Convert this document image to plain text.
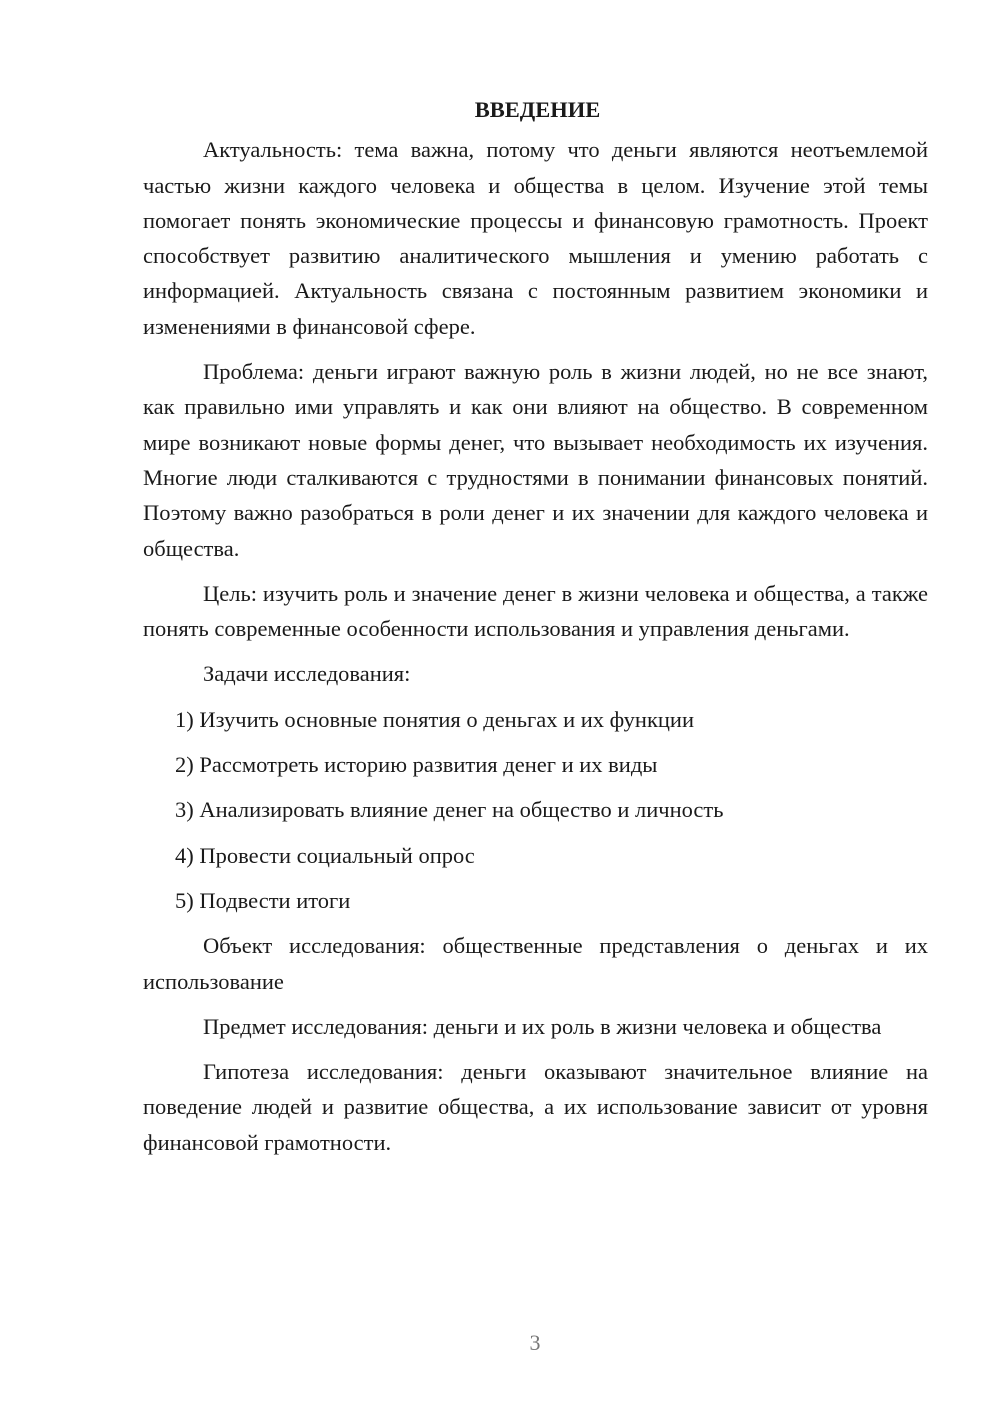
ВВЕДЕНИЕ

Актуальность: тема важна, потому что деньги являются неотъемлемой частью жизни каждого человека и общества в целом. Изучение этой темы помогает понять экономические процессы и финансовую грамотность. Проект способствует развитию аналитического мышления и умению работать с информацией. Актуальность связана с постоянным развитием экономики и изменениями в финансовой сфере.

Проблема: деньги играют важную роль в жизни людей, но не все знают, как правильно ими управлять и как они влияют на общество. В современном мире возникают новые формы денег, что вызывает необходимость их изучения. Многие люди сталкиваются с трудностями в понимании финансовых понятий. Поэтому важно разобраться в роли денег и их значении для каждого человека и общества.

Цель: изучить роль и значение денег в жизни человека и общества, а также понять современные особенности использования и управления деньгами.

Задачи исследования:

1) Изучить основные понятия о деньгах и их функции
2) Рассмотреть историю развития денег и их виды
3) Анализировать влияние денег на общество и личность
4) Провести социальный опрос
5) Подвести итоги

Объект исследования: общественные представления о деньгах и их использование

Предмет исследования: деньги и их роль в жизни человека и общества

Гипотеза исследования: деньги оказывают значительное влияние на поведение людей и развитие общества, а их использование зависит от уровня финансовой грамотности.

3
